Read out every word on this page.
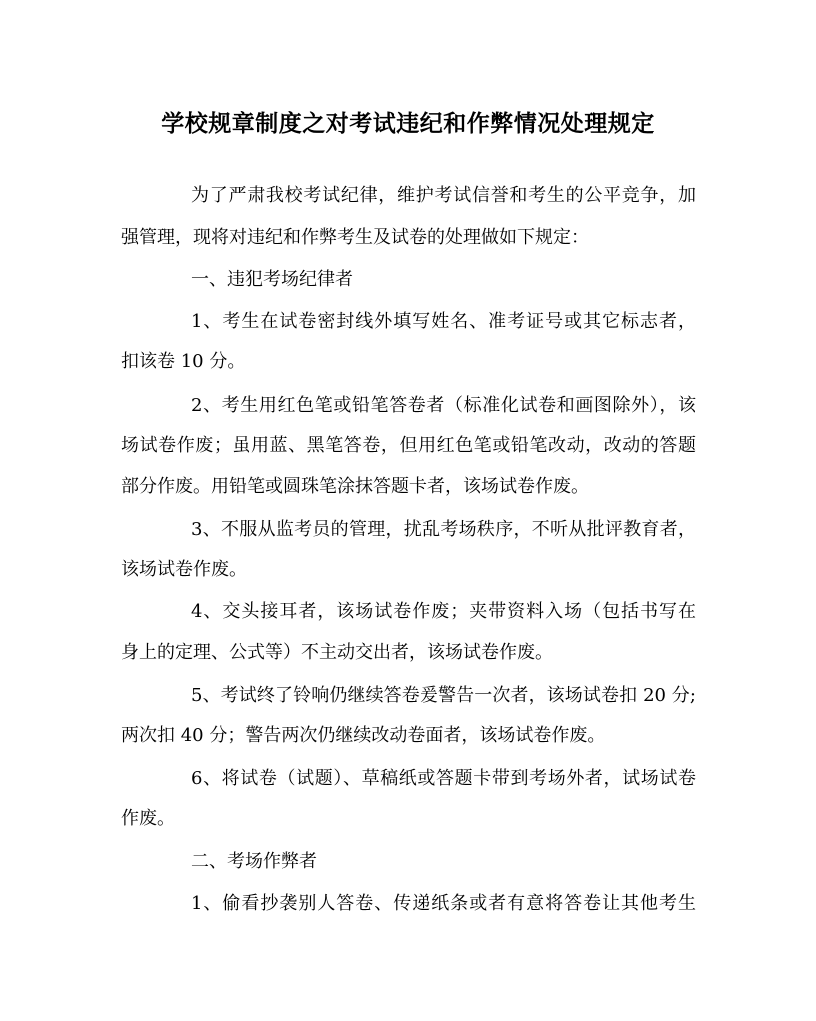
学校规章制度之对考试违纪和作弊情况处理规定
为了严肃我校考试纪律，维护考试信誉和考生的公平竞争，加
强管理，现将对违纪和作弊考生及试卷的处理做如下规定：
一、违犯考场纪律者
1、考生在试卷密封线外填写姓名、准考证号或其它标志者，
扣该卷 10 分。
2、考生用红色笔或铅笔答卷者（标准化试卷和画图除外），该
场试卷作废；虽用蓝、黑笔答卷，但用红色笔或铅笔改动，改动的答题
部分作废。用铅笔或圆珠笔涂抹答题卡者，该场试卷作废。
3、不服从监考员的管理，扰乱考场秩序，不听从批评教育者，
该场试卷作废。
4、交头接耳者，该场试卷作废；夹带资料入场（包括书写在
身上的定理、公式等）不主动交出者，该场试卷作废。
5、考试终了铃响仍继续答卷爰警告一次者，该场试卷扣 20 分;
两次扣 40 分；警告两次仍继续改动卷面者，该场试卷作废。
6、将试卷（试题）、草稿纸或答题卡带到考场外者，试场试卷
作废。
二、考场作弊者
1、偷看抄袭别人答卷、传递纸条或者有意将答卷让其他考生
